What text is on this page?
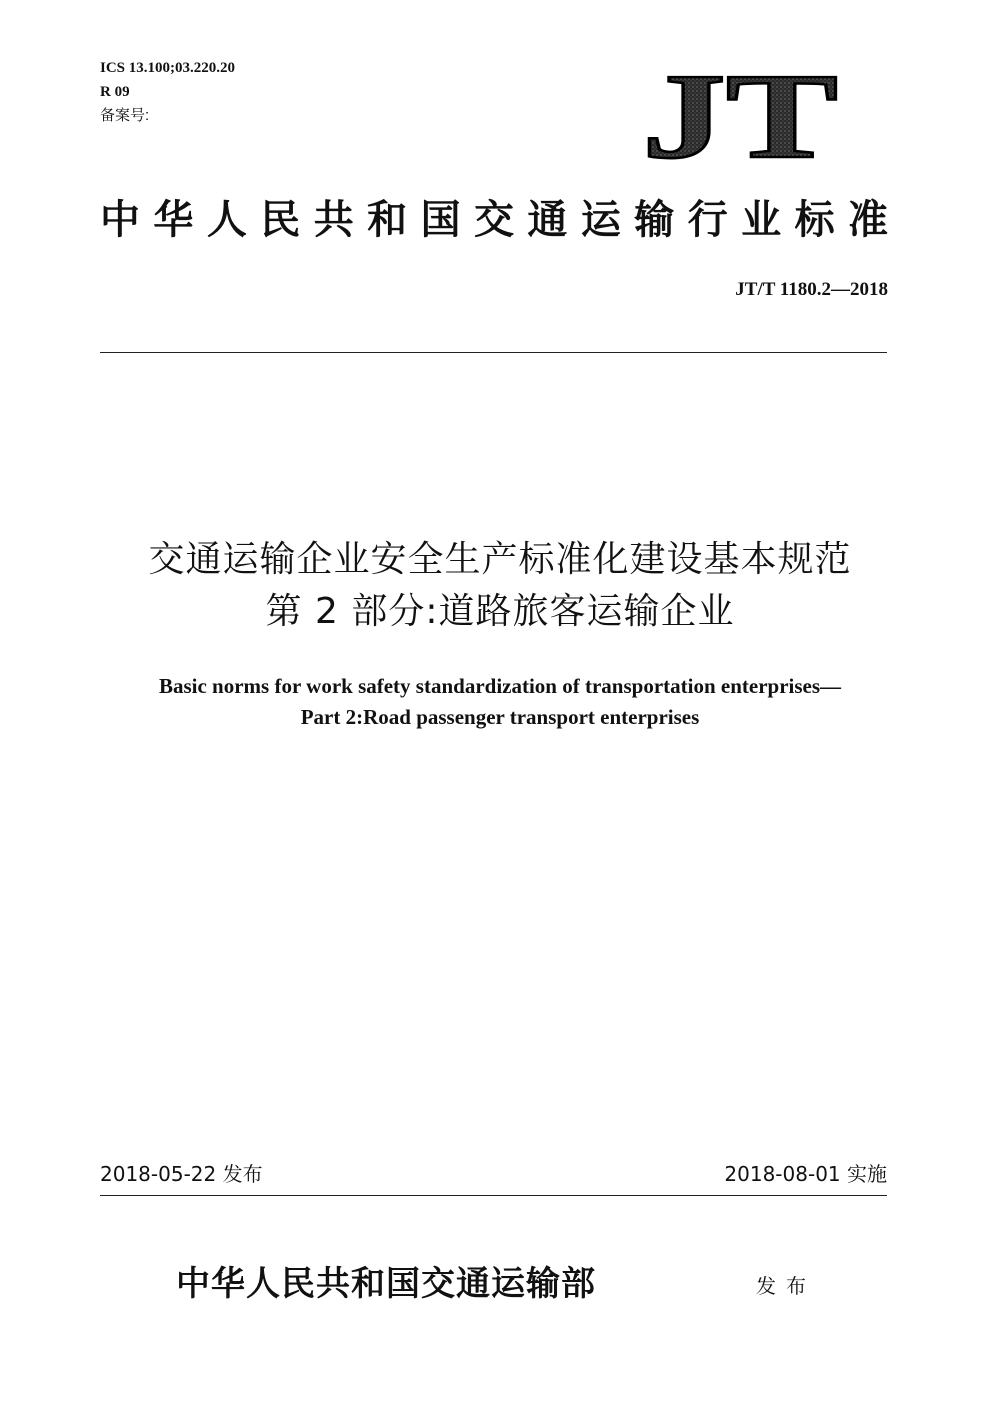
ICS 13.100;03.220.20
R 09
备案号:	JT
中华人民共和国交通运输行业标准
JT/T 1180.2—2018
交通运输企业安全生产标准化建设基本规范
第 2 部分:道路旅客运输企业
Basic norms for work safety standardization of transportation enterprises—
Part 2:Road passenger transport enterprises
2018-05-22 发布	2018-08-01 实施
中华人民共和国交通运输部	发布
